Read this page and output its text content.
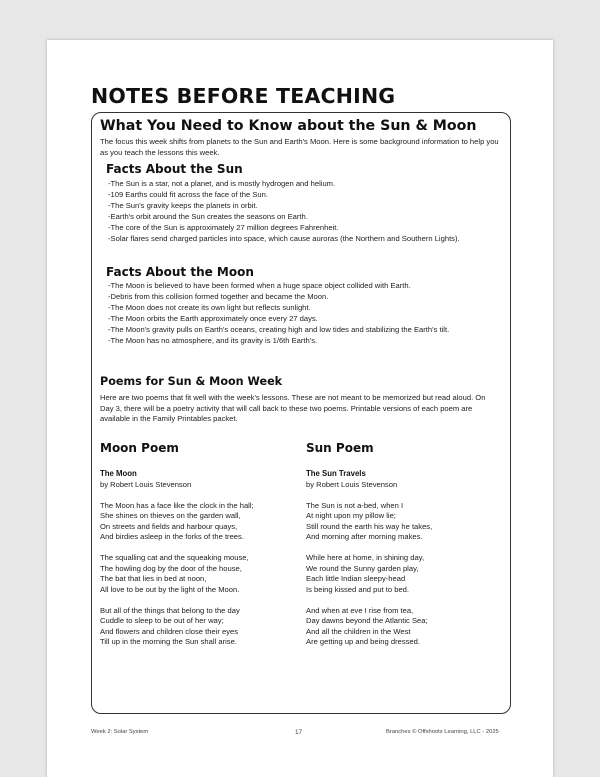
NOTES BEFORE TEACHING
What You Need to Know about the Sun & Moon
The focus this week shifts from planets to the Sun and Earth's Moon. Here is some background information to help you as you teach the lessons this week.
Facts About the Sun
-The Sun is a star, not a planet, and is mostly hydrogen and helium.
-109 Earths could fit across the face of the Sun.
-The Sun's gravity keeps the planets in orbit.
-Earth's orbit around the Sun creates the seasons on Earth.
-The core of the Sun is approximately 27 million degrees Fahrenheit.
-Solar flares send charged particles into space, which cause auroras (the Northern and Southern Lights).
Facts About the Moon
-The Moon is believed to have been formed when a huge space object collided with Earth.
-Debris from this collision formed together and became the Moon.
-The Moon does not create its own light but reflects sunlight.
-The Moon orbits the Earth approximately once every 27 days.
-The Moon's gravity pulls on Earth's oceans, creating high and low tides and stabilizing the Earth's tilt.
-The Moon has no atmosphere, and its gravity is 1/6th Earth's.
Poems for Sun & Moon Week
Here are two poems that fit well with the week's lessons. These are not meant to be memorized but read aloud. On Day 3, there will be a poetry activity that will call back to these two poems. Printable versions of each poem are available in the Family Printables packet.
Moon Poem
The Moon
by Robert Louis Stevenson
The Moon has a face like the clock in the hall;
She shines on thieves on the garden wall,
On streets and fields and harbour quays,
And birdies asleep in the forks of the trees.
The squalling cat and the squeaking mouse,
The howling dog by the door of the house,
The bat that lies in bed at noon,
All love to be out by the light of the Moon.
But all of the things that belong to the day
Cuddle to sleep to be out of her way;
And flowers and children close their eyes
Till up in the morning the Sun shall arise.
Sun Poem
The Sun Travels
by Robert Louis Stevenson
The Sun is not a-bed, when I
At night upon my pillow lie;
Still round the earth his way he takes,
And morning after morning makes.
While here at home, in shining day,
We round the Sunny garden play,
Each little Indian sleepy-head
Is being kissed and put to bed.
And when at eve I rise from tea,
Day dawns beyond the Atlantic Sea;
And all the children in the West
Are getting up and being dressed.
Week 2: Solar System	17	Branches © Offshoots Learning, LLC - 2025
